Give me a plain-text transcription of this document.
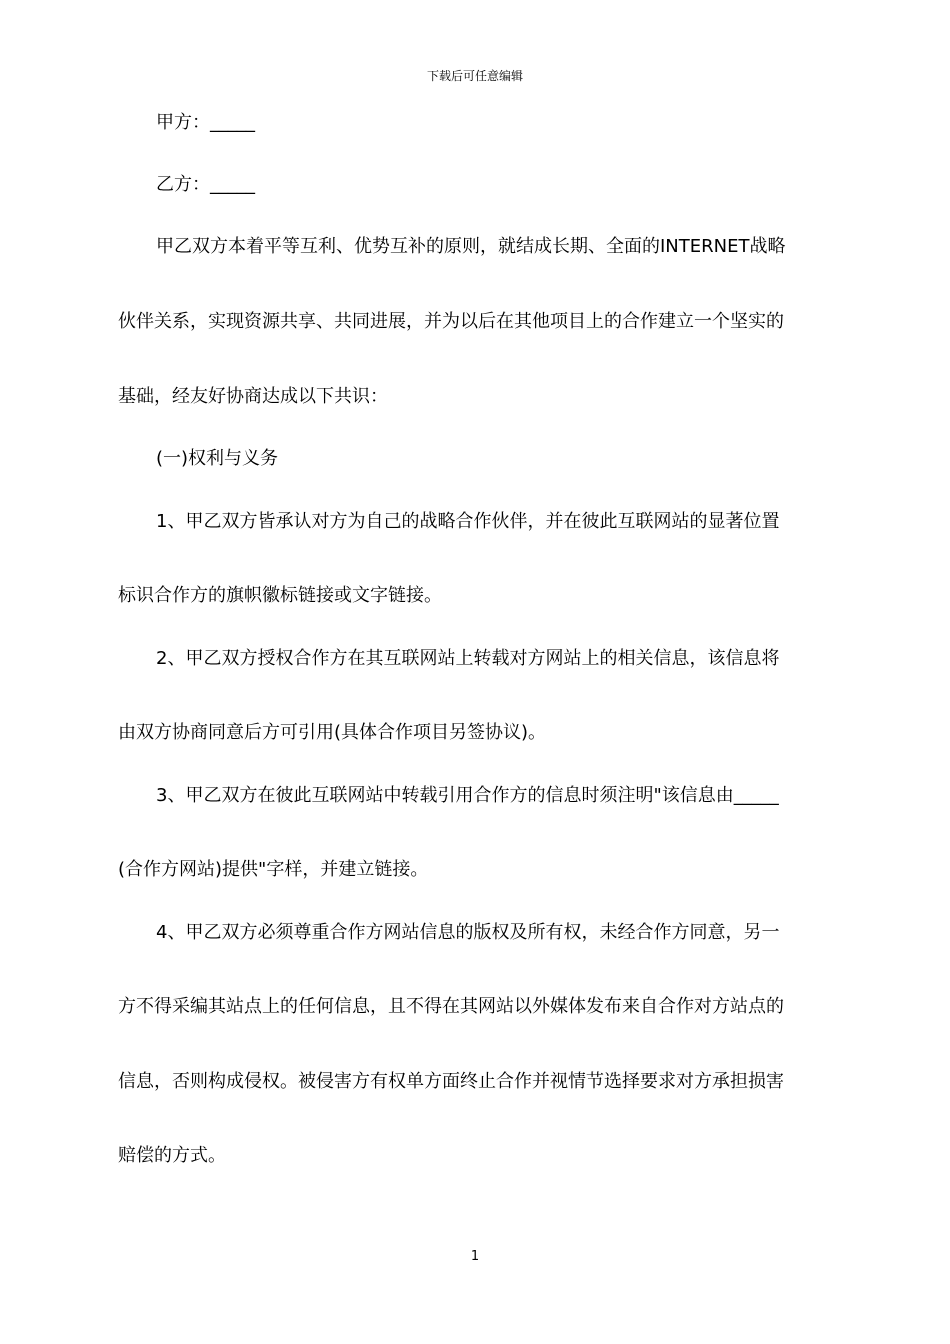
下载后可任意编辑
甲方：_____
乙方：_____
甲乙双方本着平等互利、优势互补的原则，就结成长期、全面的INTERNET战略
伙伴关系，实现资源共享、共同进展，并为以后在其他项目上的合作建立一个坚实的
基础，经友好协商达成以下共识：
(一)权利与义务
1、甲乙双方皆承认对方为自己的战略合作伙伴，并在彼此互联网站的显著位置
标识合作方的旗帜徽标链接或文字链接。
2、甲乙双方授权合作方在其互联网站上转载对方网站上的相关信息，该信息将
由双方协商同意后方可引用(具体合作项目另签协议)。
3、甲乙双方在彼此互联网站中转载引用合作方的信息时须注明"该信息由_____
(合作方网站)提供"字样，并建立链接。
4、甲乙双方必须尊重合作方网站信息的版权及所有权，未经合作方同意，另一
方不得采编其站点上的任何信息，且不得在其网站以外媒体发布来自合作对方站点的
信息，否则构成侵权。被侵害方有权单方面终止合作并视情节选择要求对方承担损害
赔偿的方式。
1
